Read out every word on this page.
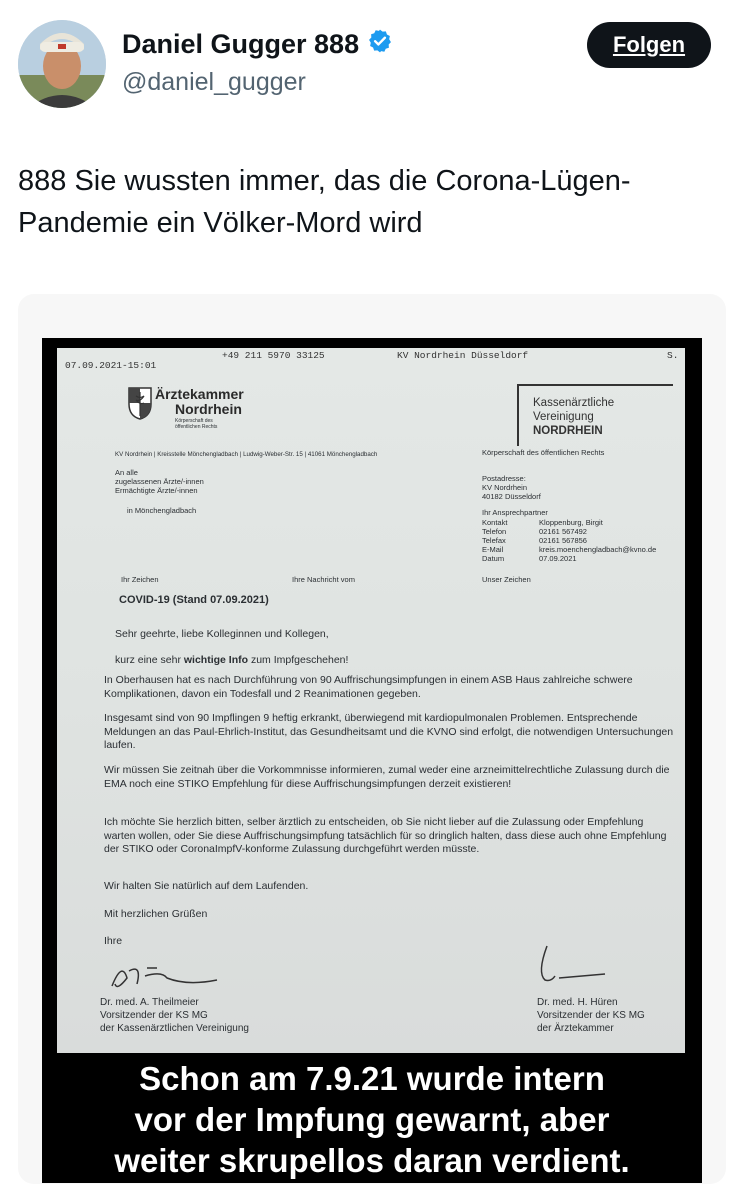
Daniel Gugger 888
@daniel_gugger
Folgen
888 Sie wussten immer, das die Corona-Lügen-Pandemie ein Völker-Mord wird
07.09.2021-15:01
+49 211 5970 33125	KV Nordrhein Düsseldorf	S.
Ärztekammer
Nordrhein
Körperschaft des
öffentlichen Rechts
Kassenärztliche
Vereinigung
NORDRHEIN
KV Nordrhein | Kreisstelle Mönchengladbach | Ludwig-Weber-Str. 15 | 41061 Mönchengladbach	Körperschaft des öffentlichen Rechts
An alle
zugelassenen Ärzte/-innen
Ermächtigte Ärzte/-innen
in Mönchengladbach
Postadresse:
KV Nordrhein
40182 Düsseldorf
Ihr Ansprechpartner
Kontakt	Kloppenburg, Birgit
Telefon	02161 567492
Telefax	02161 567856
E-Mail	kreis.moenchengladbach@kvno.de
Datum	07.09.2021
Ihr Zeichen	Ihre Nachricht vom	Unser Zeichen
COVID-19 (Stand 07.09.2021)
Sehr geehrte, liebe Kolleginnen und Kollegen,
kurz eine sehr wichtige Info zum Impfgeschehen!
In Oberhausen hat es nach Durchführung von 90 Auffrischungsimpfungen in einem ASB Haus zahlreiche schwere Komplikationen, davon ein Todesfall und 2 Reanimationen gegeben.
Insgesamt sind von 90 Impflingen 9 heftig erkrankt, überwiegend mit kardiopulmonalen Problemen. Entsprechende Meldungen an das Paul-Ehrlich-Institut, das Gesundheitsamt und die KVNO sind erfolgt, die notwendigen Untersuchungen laufen.
Wir müssen Sie zeitnah über die Vorkommnisse informieren, zumal weder eine arzneimittelrechtliche Zulassung durch die EMA noch eine STIKO Empfehlung für diese Auffrischungsimpfungen derzeit existieren!
Ich möchte Sie herzlich bitten, selber ärztlich zu entscheiden, ob Sie nicht lieber auf die Zulassung oder Empfehlung warten wollen, oder Sie diese Auffrischungsimpfung tatsächlich für so dringlich halten, dass diese auch ohne Empfehlung der STIKO oder CoronaImpfV-konforme Zulassung durchgeführt werden müsste.
Wir halten Sie natürlich auf dem Laufenden.
Mit herzlichen Grüßen
Ihre
Dr. med. A. Theilmeier
Vorsitzender der KS MG
der Kassenärztlichen Vereinigung
Dr. med. H. Hüren
Vorsitzender der KS MG
der Ärztekammer
Schon am 7.9.21 wurde intern
vor der Impfung gewarnt, aber
weiter skrupellos daran verdient.
